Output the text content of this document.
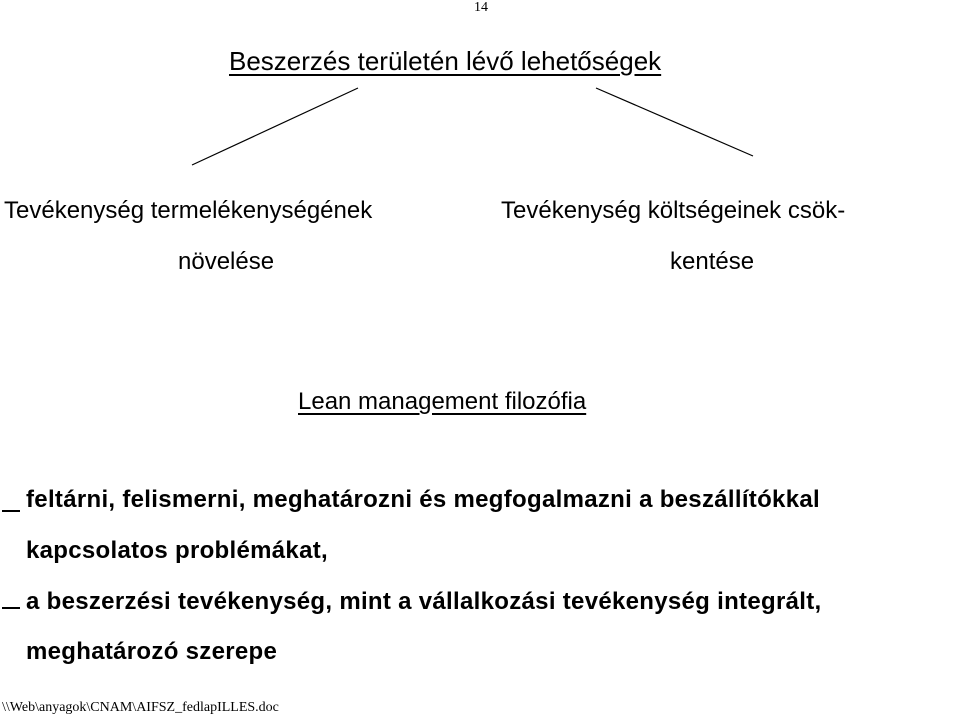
14
Beszerzés területén lévő lehetőségek
Tevékenység termelékenységének
növelése
Tevékenység költségeinek csök-
kentése
Lean management filozófia
feltárni, felismerni, meghatározni és megfogalmazni a beszállítókkal
kapcsolatos problémákat,
a beszerzési tevékenység, mint a vállalkozási tevékenység integrált,
meghatározó szerepe
\\Web\anyagok\CNAM\AIFSZ_fedlapILLES.doc
